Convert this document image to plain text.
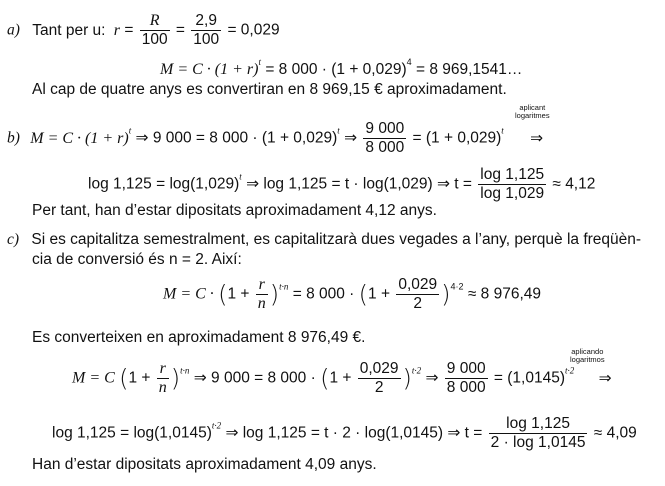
a) Tant per u: $r = \frac{R}{100} = \frac{2,9}{100} = 0,029$
$M = C \cdot (1 + r)^t = 8$ $000 \cdot (1 + 0,029)^4 = 8$ 969,1541…
Al cap de quatre anys es convertiran en 8 969,15 € aproximadament.
b) $M = C \cdot (1 + r)^t$ ⇒ 9 000 = 8 $000 \cdot (1 + 0,029)^t$ ⇒ $\frac{9 000}{8 000} = (1 + 0,029)^t$ ⇒
aplicant
logaritmes
$\log 1,125 = \log(1,029)^t$ ⇒ log 1,125 = t · log(1,029) ⇒ $t = \frac{\log 1,125}{\log 1,029} \approx 4,12$
Per tant, han d’estar dipositats aproximadament 4,12 anys.
c) Si es capitalitza semestralment, es capitalitzarà dues vegades a l’any, perquè la freqüèn-
cia de conversió és n = 2. Així:
$M = C \cdot (1 + \frac{r}{n} )^{t\cdot n} = 8$ $000 \cdot (1 + \frac{0,029}{2} )^{4\cdot 2} \approx 8$ 976,49
Es converteixen en aproximadament 8 976,49 €.
M = C $(1 + \frac{r}{n} )^{t\cdot n}$ ⇒ 9 000 = 8 $000 \cdot (1 + \frac{0,029}{2} )^{t\cdot 2}$ ⇒ $\frac{9 000}{8 000} = (1,0145)^{t\cdot 2}$ ⇒
aplicando
logaritmos
$\log 1,125 = \log(1,0145)^{t\cdot 2}$ ⇒ log 1,125 = t · 2 · log(1,0145) ⇒ $t = \frac{\log 1,125}{2 \cdot \log 1,0145} \approx 4,09$
Han d’estar dipositats aproximadament 4,09 anys.
